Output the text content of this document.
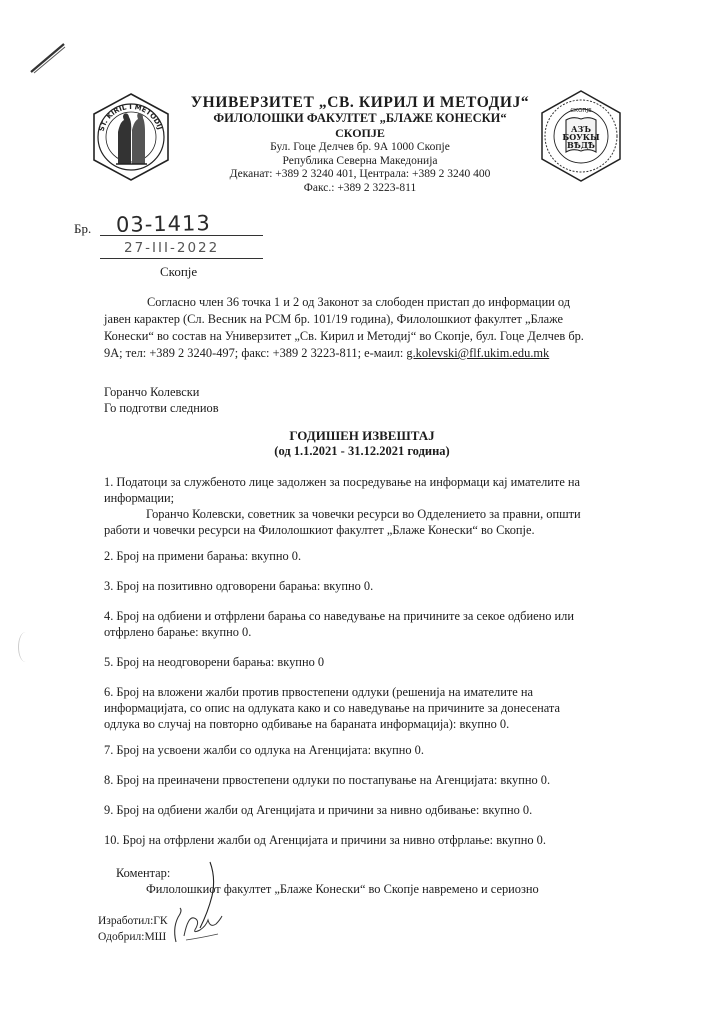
ST. KIRIL I METODIJ	АЗЪ
БОУКЫ
ВѢДѢ
СКОПЈЕ
УНИВЕРЗИТЕТ „СВ. КИРИЛ И МЕТОДИЈ“
ФИЛОЛОШКИ ФАКУЛТЕТ „БЛАЖЕ КОНЕСКИ“
СКОПЈЕ
Бул. Гоце Делчев бр. 9А 1000 Скопје
Република Северна Македонија
Деканат: +389 2 3240 401, Централа: +389 2 3240 400
Факс.: +389 2 3223-811
Бр. 03-1413
27-III-2022
Скопје
Согласно член 36 точка 1 и 2 од Законот за слободен пристап до информации од
јавен карактер (Сл. Весник на РСМ бр. 101/19 година), Филолошкиот факултет „Блаже
Конески“ во состав на Универзитет „Св. Кирил и Методиј“ во Скопје, бул. Гоце Делчев бр.
9А; тел: +389 2 3240-497; факс: +389 2 3223-811; е-маил: g.kolevski@flf.ukim.edu.mk
Горанчо Колевски
Го подготви следниов
ГОДИШЕН ИЗВЕШТАЈ
(од 1.1.2021 - 31.12.2021 година)
1. Податоци за службеното лице задолжен за посредување на информаци кај имателите на
информации;
Горанчо Колевски, советник за човечки ресурси во Одделението за правни, општи
работи и човечки ресурси на Филолошкиот факултет „Блаже Конески“ во Скопје.
2. Број на примени барања: вкупно 0.
3. Број на позитивно одговорени барања: вкупно 0.
4. Број на одбиени и отфрлени барања со наведување на причините за секое одбиено или
отфрлено барање: вкупно 0.
5. Број на неодговорени барања: вкупно 0
6. Број на вложени жалби против првостепени одлуки (решенија на имателите на
информацијата, со опис на одлуката како и со наведување на причините за донесената
одлука во случај на повторно одбивање на бараната информација): вкупно 0.
7. Број на усвоени жалби со одлука на Агенцијата: вкупно 0.
8. Број на преиначени првостепени одлуки по постапување на Агенцијата: вкупно 0.
9. Број на одбиени жалби од Агенцијата и причини за нивно одбивање: вкупно 0.
10. Број на отфрлени жалби од Агенцијата и причини за нивно отфрлање: вкупно 0.
Коментар:
Филолошкиот факултет „Блаже Конески“ во Скопје навремено и сериозно
Изработил:ГК
Одобрил:МШ
